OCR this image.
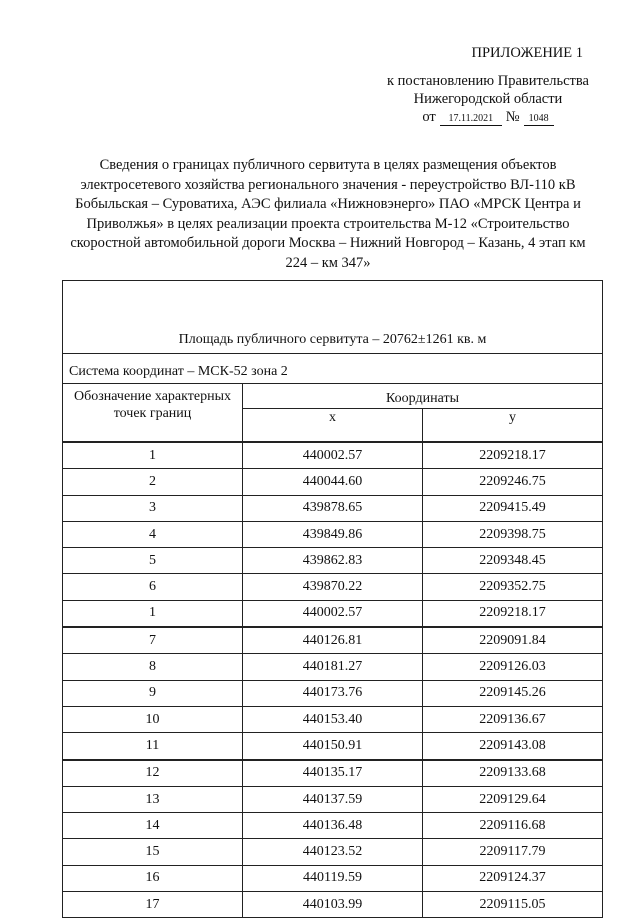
ПРИЛОЖЕНИЕ 1
к постановлению Правительства
Нижегородской области
от	17.11.2021 № 1048
Сведения о границах публичного сервитута в целях размещения объектов электросетевого хозяйства регионального значения - переустройство ВЛ-110 кВ Бобыльская – Суроватиха, АЭС филиала «Нижновэнерго» ПАО «МРСК Центра и Приволжья» в целях реализации проекта строительства М-12 «Строительство скоростной автомобильной дороги Москва – Нижний Новгород – Казань, 4 этап км 224 – км 347»
Площадь публичного сервитута – 20762±1261 кв. м		
Система координат – МСК-52 зона 2		
Обозначение характерных точек границ	Координаты	
	x	y
1	440002.57	2209218.17
2	440044.60	2209246.75
3	439878.65	2209415.49
4	439849.86	2209398.75
5	439862.83	2209348.45
6	439870.22	2209352.75
1	440002.57	2209218.17
7	440126.81	2209091.84
8	440181.27	2209126.03
9	440173.76	2209145.26
10	440153.40	2209136.67
11	440150.91	2209143.08
12	440135.17	2209133.68
13	440137.59	2209129.64
14	440136.48	2209116.68
15	440123.52	2209117.79
16	440119.59	2209124.37
17	440103.99	2209115.05
